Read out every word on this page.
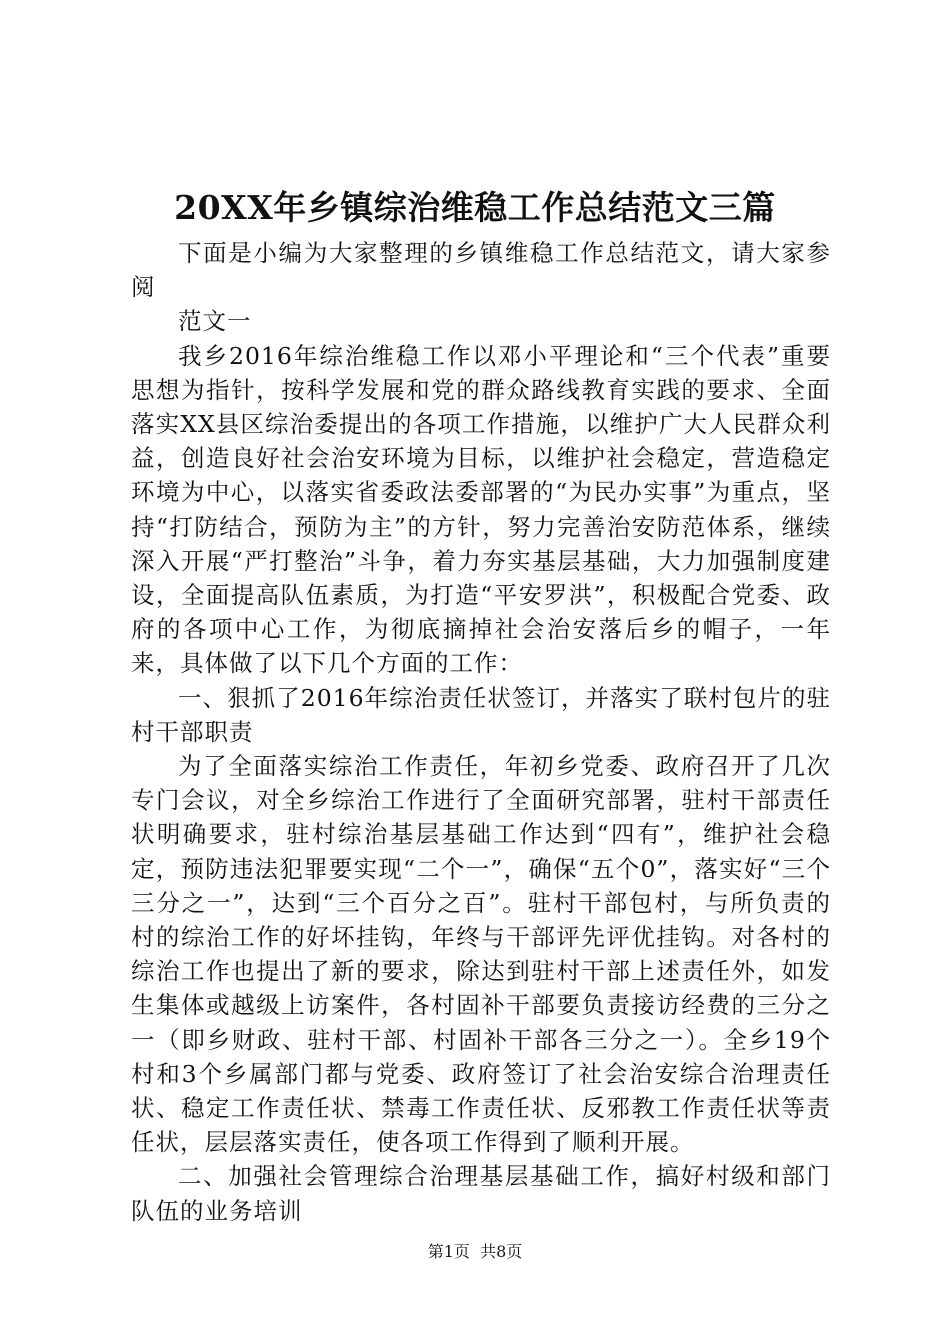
20XX年乡镇综治维稳工作总结范文三篇

下面是小编为大家整理的乡镇维稳工作总结范文，请大家参阅

范文一

我乡2016年综治维稳工作以邓小平理论和“三个代表”重要思想为指针，按科学发展和党的群众路线教育实践的要求、全面落实XX县区综治委提出的各项工作措施，以维护广大人民群众利益，创造良好社会治安环境为目标，以维护社会稳定，营造稳定环境为中心，以落实省委政法委部署的“为民办实事”为重点，坚持“打防结合，预防为主”的方针，努力完善治安防范体系，继续深入开展“严打整治”斗争，着力夯实基层基础，大力加强制度建设，全面提高队伍素质，为打造“平安罗洪”，积极配合党委、政府的各项中心工作，为彻底摘掉社会治安落后乡的帽子，一年来，具体做了以下几个方面的工作：

一、狠抓了2016年综治责任状签订，并落实了联村包片的驻村干部职责

为了全面落实综治工作责任，年初乡党委、政府召开了几次专门会议，对全乡综治工作进行了全面研究部署，驻村干部责任状明确要求，驻村综治基层基础工作达到“四有”，维护社会稳定，预防违法犯罪要实现“二个一”，确保“五个0”，落实好“三个三分之一”，达到“三个百分之百”。驻村干部包村，与所负责的村的综治工作的好坏挂钩，年终与干部评先评优挂钩。对各村的综治工作也提出了新的要求，除达到驻村干部上述责任外，如发生集体或越级上访案件，各村固补干部要负责接访经费的三分之一（即乡财政、驻村干部、村固补干部各三分之一）。全乡19个村和3个乡属部门都与党委、政府签订了社会治安综合治理责任状、稳定工作责任状、禁毒工作责任状、反邪教工作责任状等责任状，层层落实责任，使各项工作得到了顺利开展。

二、加强社会管理综合治理基层基础工作，搞好村级和部门队伍的业务培训

第1页  共8页
